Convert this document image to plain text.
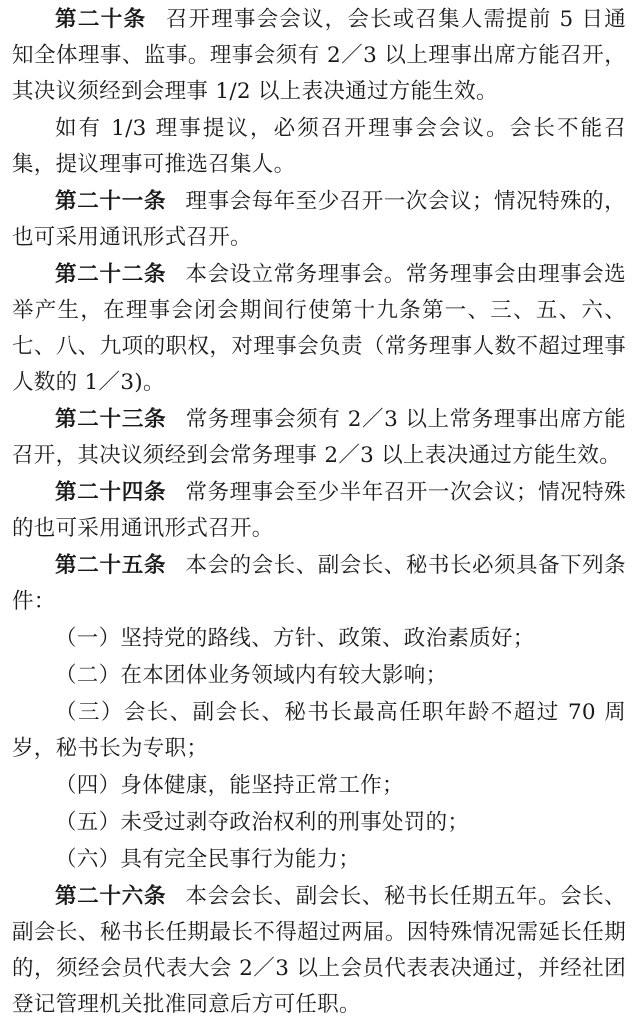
第二十条 召开理事会会议，会长或召集人需提前 5 日通知全体理事、监事。理事会须有 2／3 以上理事出席方能召开，其决议须经到会理事 1/2 以上表决通过方能生效。

如有 1/3 理事提议，必须召开理事会会议。会长不能召集，提议理事可推选召集人。

第二十一条 理事会每年至少召开一次会议；情况特殊的，也可采用通讯形式召开。

第二十二条 本会设立常务理事会。常务理事会由理事会选举产生，在理事会闭会期间行使第十九条第一、三、五、六、七、八、九项的职权，对理事会负责（常务理事人数不超过理事人数的 1／3)。

第二十三条 常务理事会须有 2／3 以上常务理事出席方能召开，其决议须经到会常务理事 2／3 以上表决通过方能生效。

第二十四条 常务理事会至少半年召开一次会议；情况特殊的也可采用通讯形式召开。

第二十五条 本会的会长、副会长、秘书长必须具备下列条件：

（一）坚持党的路线、方针、政策、政治素质好；

（二）在本团体业务领域内有较大影响；

（三）会长、副会长、秘书长最高任职年龄不超过 70 周岁，秘书长为专职；

（四）身体健康，能坚持正常工作；

（五）未受过剥夺政治权利的刑事处罚的；

（六）具有完全民事行为能力；

第二十六条 本会会长、副会长、秘书长任期五年。会长、副会长、秘书长任期最长不得超过两届。因特殊情况需延长任期的，须经会员代表大会 2／3 以上会员代表表决通过，并经社团登记管理机关批准同意后方可任职。
